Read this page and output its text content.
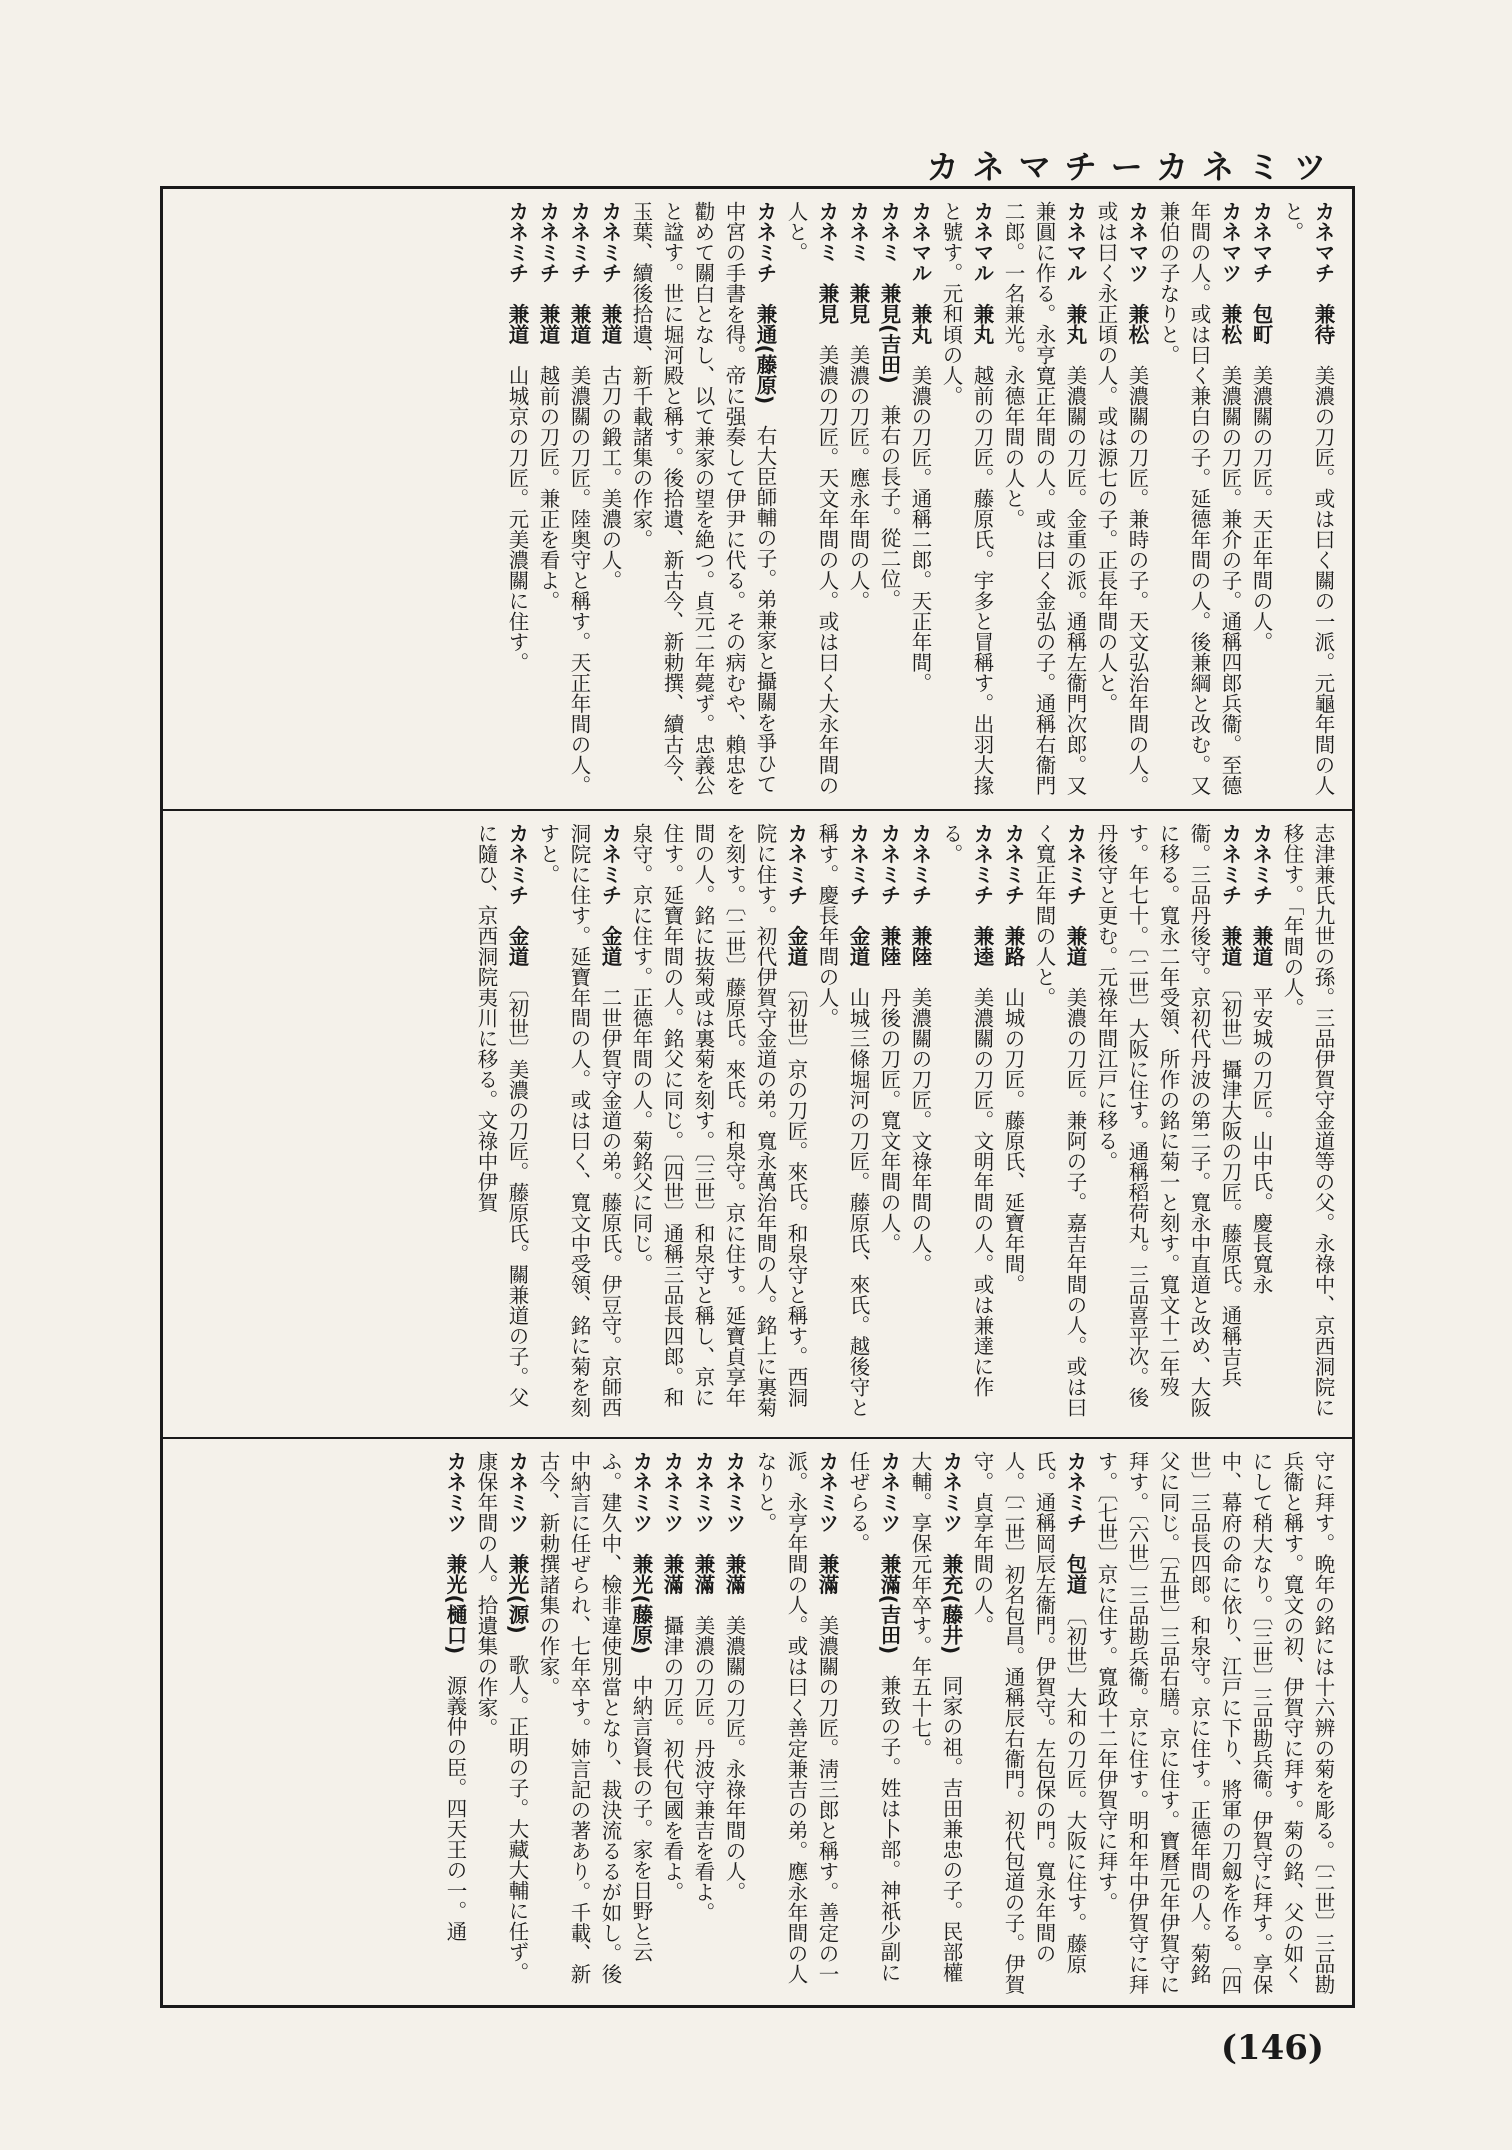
カネマチーカネミツ

カネマチ　兼待　美濃の刀匠。或は曰く關の一派。元龜年間の人と。

カネマチ　包町　美濃關の刀匠。天正年間の人。

カネマツ　兼松　美濃關の刀匠。兼介の子。通稱四郎兵衞。至德年間の人。或は曰く兼白の子。延德年間の人。後兼綱と改む。又兼伯の子なりと。

カネマツ　兼松　美濃關の刀匠。兼時の子。天文弘治年間の人。或は曰く永正頃の人。或は源七の子。正長年間の人と。

カネマル　兼丸　美濃關の刀匠。金重の派。通稱左衞門次郎。又兼圓に作る。永亨寛正年間の人。或は曰く金弘の子。通稱右衞門二郎。一名兼光。永德年間の人と。

カネマル　兼丸　越前の刀匠。藤原氏。宇多と冒稱す。出羽大掾と號す。元和頃の人。

カネマル　兼丸　美濃の刀匠。通稱二郎。天正年間。

カネミ　兼見(吉田)　兼右の長子。從二位。

カネミ　兼見　美濃の刀匠。應永年間の人。

カネミ　兼見　美濃の刀匠。天文年間の人。或は曰く大永年間の人と。

カネミチ　兼通(藤原)　右大臣師輔の子。弟兼家と攝關を爭ひて中宮の手書を得。帝に强奏して伊尹に代る。その病むや、賴忠を勸めて關白となし、以て兼家の望を絶つ。貞元二年薨ず。忠義公と諡す。世に堀河殿と稱す。後拾遺、新古今、新勅撰、續古今、玉葉、續後拾遺、新千載諸集の作家。

カネミチ　兼道　古刀の鍛工。美濃の人。

カネミチ　兼道　美濃關の刀匠。陸奥守と稱す。天正年間の人。

カネミチ　兼道　越前の刀匠。兼正を看よ。

カネミチ　兼道　山城京の刀匠。元美濃關に住す。

志津兼氏九世の孫。三品伊賀守金道等の父。永祿中、京西洞院に移住す。「年間の人。

カネミチ　兼道　平安城の刀匠。山中氏。慶長寬永

カネミチ　兼道　〔初世〕攝津大阪の刀匠。藤原氏。通稱吉兵衞。三品丹後守。京初代丹波の第二子。寬永中直道と改め、大阪に移る。寬永二年受領、所作の銘に菊一と刻す。寬文十二年歿す。年七十。〔二世〕大阪に住す。通稱稻荷丸。三品喜平次。後丹後守と更む。元祿年間江戸に移る。

カネミチ　兼道　美濃の刀匠。兼阿の子。嘉吉年間の人。或は曰く寬正年間の人と。

カネミチ　兼路　山城の刀匠。藤原氏、延寶年間。

カネミチ　兼逵　美濃關の刀匠。文明年間の人。或は兼達に作る。

カネミチ　兼陸　美濃關の刀匠。文祿年間の人。

カネミチ　兼陸　丹後の刀匠。寬文年間の人。

カネミチ　金道　山城三條堀河の刀匠。藤原氏、來氏。越後守と稱す。慶長年間の人。

カネミチ　金道　〔初世〕京の刀匠。來氏。和泉守と稱す。西洞院に住す。初代伊賀守金道の弟。寬永萬治年間の人。銘上に裏菊を刻す。〔二世〕藤原氏。來氏。和泉守。京に住す。延寶貞享年間の人。銘に抜菊或は裏菊を刻す。〔三世〕和泉守と稱し、京に住す。延寶年間の人。銘父に同じ。〔四世〕通稱三品長四郎。和泉守。京に住す。正德年間の人。菊銘父に同じ。

カネミチ　金道　二世伊賀守金道の弟。藤原氏。伊豆守。京師西洞院に住す。延寶年間の人。或は曰く、寬文中受領、銘に菊を刻すと。

カネミチ　金道　〔初世〕美濃の刀匠。藤原氏。關兼道の子。父に隨ひ、京西洞院夷川に移る。文祿中伊賀

守に拜す。晩年の銘には十六辨の菊を彫る。〔二世〕三品勘兵衞と稱す。寬文の初、伊賀守に拜す。菊の銘、父の如くにして稍大なり。〔三世〕三品勘兵衞。伊賀守に拜す。享保中、幕府の命に依り、江戸に下り、將軍の刀劔を作る。〔四世〕三品長四郎。和泉守。京に住す。正德年間の人。菊銘父に同じ。〔五世〕三品右膳。京に住す。寶曆元年伊賀守に拜す。〔六世〕三品勘兵衞。京に住す。明和年中伊賀守に拜す。〔七世〕京に住す。寬政十二年伊賀守に拜す。

カネミチ　包道　〔初世〕大和の刀匠。大阪に住す。藤原氏。通稱岡辰左衞門。伊賀守。左包保の門。寬永年間の人。〔二世〕初名包昌。通稱辰右衞門。初代包道の子。伊賀守。貞享年間の人。

カネミツ　兼充(藤井)　同家の祖。吉田兼忠の子。民部權大輔。享保元年卒す。年五十七。

カネミツ　兼滿(吉田)　兼致の子。姓は卜部。神祇少副に任ぜらる。

カネミツ　兼滿　美濃關の刀匠。淸三郎と稱す。善定の一派。永亨年間の人。或は曰く善定兼吉の弟。應永年間の人なりと。

カネミツ　兼滿　美濃關の刀匠。永祿年間の人。

カネミツ　兼滿　美濃の刀匠。丹波守兼吉を看よ。

カネミツ　兼滿　攝津の刀匠。初代包國を看よ。

カネミツ　兼光(藤原)　中納言資長の子。家を日野と云ふ。建久中、檢非違使別當となり、裁決流るるが如し。後中納言に任ぜられ、七年卒す。姉言記の著あり。千載、新古今、新勅撰諸集の作家。

カネミツ　兼光(源)　歌人。正明の子。大藏大輔に任ず。康保年間の人。拾遺集の作家。

カネミツ　兼光(樋口)　源義仲の臣。四天王の一。通

(146)
